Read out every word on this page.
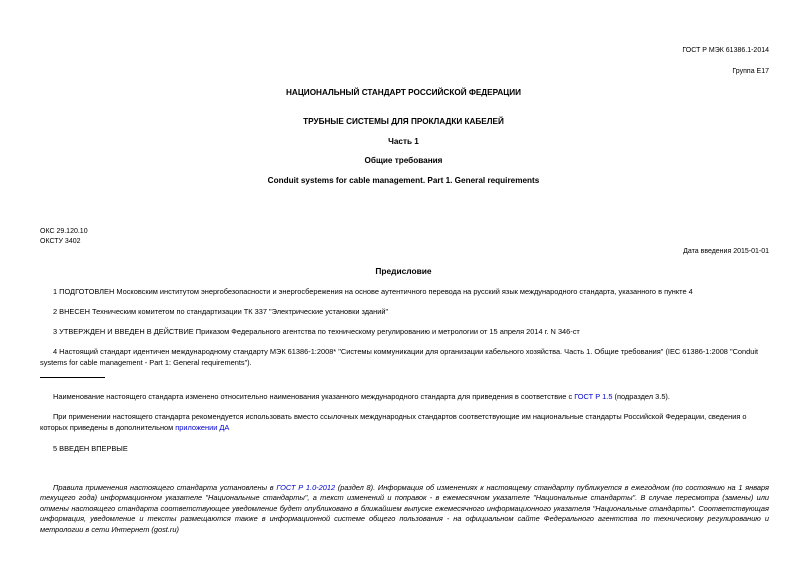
ГОСТ Р МЭК 61386.1-2014
Группа Е17
НАЦИОНАЛЬНЫЙ СТАНДАРТ РОССИЙСКОЙ ФЕДЕРАЦИИ
ТРУБНЫЕ СИСТЕМЫ ДЛЯ ПРОКЛАДКИ КАБЕЛЕЙ
Часть 1
Общие требования
Conduit systems for cable management. Part 1. General requirements
ОКС 29.120.10
ОКСТУ 3402
Дата введения 2015-01-01
Предисловие
1 ПОДГОТОВЛЕН Московским институтом энергобезопасности и энергосбережения на основе аутентичного перевода на русский язык международного стандарта, указанного в пункте 4
2 ВНЕСЕН Техническим комитетом по стандартизации ТК 337 "Электрические установки зданий"
3 УТВЕРЖДЕН И ВВЕДЕН В ДЕЙСТВИЕ Приказом Федерального агентства по техническому регулированию и метрологии от 15 апреля 2014 г. N 346-ст
4 Настоящий стандарт идентичен международному стандарту МЭК 61386-1:2008* "Системы коммуникации для организации кабельного хозяйства. Часть 1. Общие требования" (IEC 61386-1:2008 "Conduit systems for cable management - Part 1: General requirements").
Наименование настоящего стандарта изменено относительно наименования указанного международного стандарта для приведения в соответствие с ГОСТ Р 1.5 (подраздел 3.5).
При применении настоящего стандарта рекомендуется использовать вместо ссылочных международных стандартов соответствующие им национальные стандарты Российской Федерации, сведения о которых приведены в дополнительном приложении ДА
5 ВВЕДЕН ВПЕРВЫЕ
Правила применения настоящего стандарта установлены в ГОСТ Р 1.0-2012 (раздел 8). Информация об изменениях к настоящему стандарту публикуется в ежегодном (по состоянию на 1 января текущего года) информационном указателе "Национальные стандарты", а текст изменений и поправок - в ежемесячном указателе "Национальные стандарты". В случае пересмотра (замены) или отмены настоящего стандарта соответствующее уведомление будет опубликовано в ближайшем выпуске ежемесячного информационного указателя "Национальные стандарты". Соответствующая информация, уведомление и тексты размещаются также в информационной системе общего пользования - на официальном сайте Федерального агентства по техническому регулированию и метрологии в сети Интернет (gost.ru)
